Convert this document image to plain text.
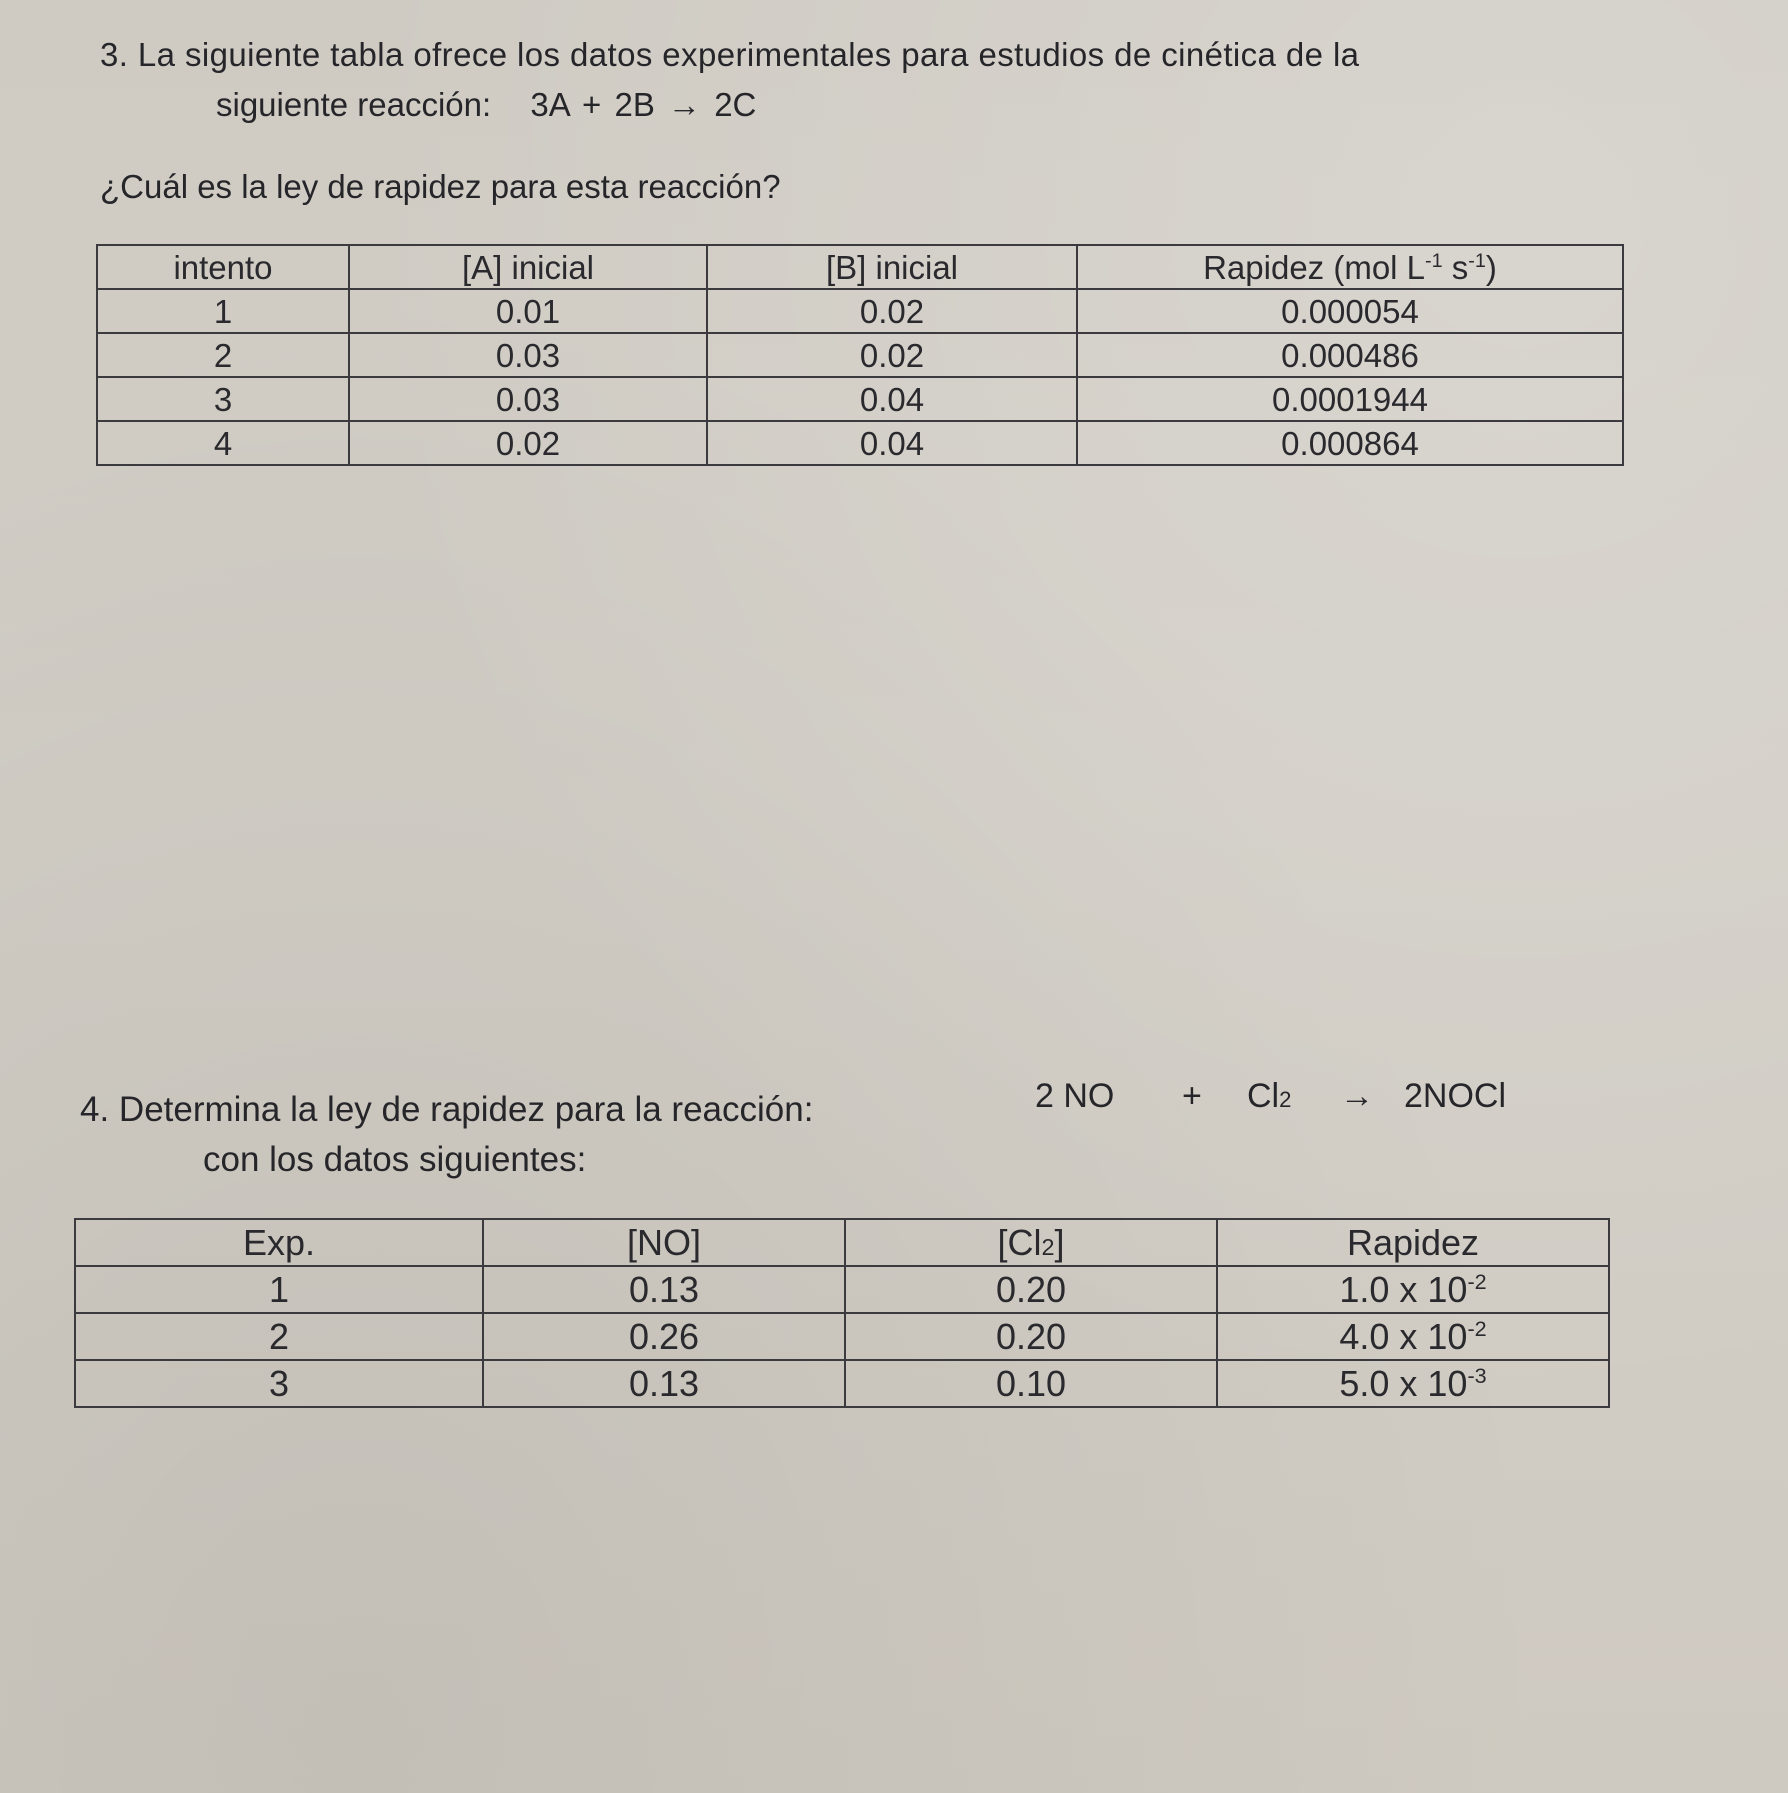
3. La siguiente tabla ofrece los datos experimentales para estudios de cinética de la
siguiente reacción: 3A + 2B → 2C
¿Cuál es la ley de rapidez para esta reacción?
intento	[A] inicial	[B] inicial	Rapidez (mol $L^{-1}$ $s^{-1}$)
1	0.01	0.02	0.000054
2	0.03	0.02	0.000486
3	0.03	0.04	0.0001944
4	0.02	0.04	0.000864
4. Determina la ley de rapidez para la reacción:	2 NO + Cl2 → 2NOCl
con los datos siguientes:
Exp.	[NO]	[Cl2]	Rapidez
1	0.13	0.20	1.0 x $10^{-2}$
2	0.26	0.20	4.0 x $10^{-2}$
3	0.13	0.10	5.0 x $10^{-3}$
